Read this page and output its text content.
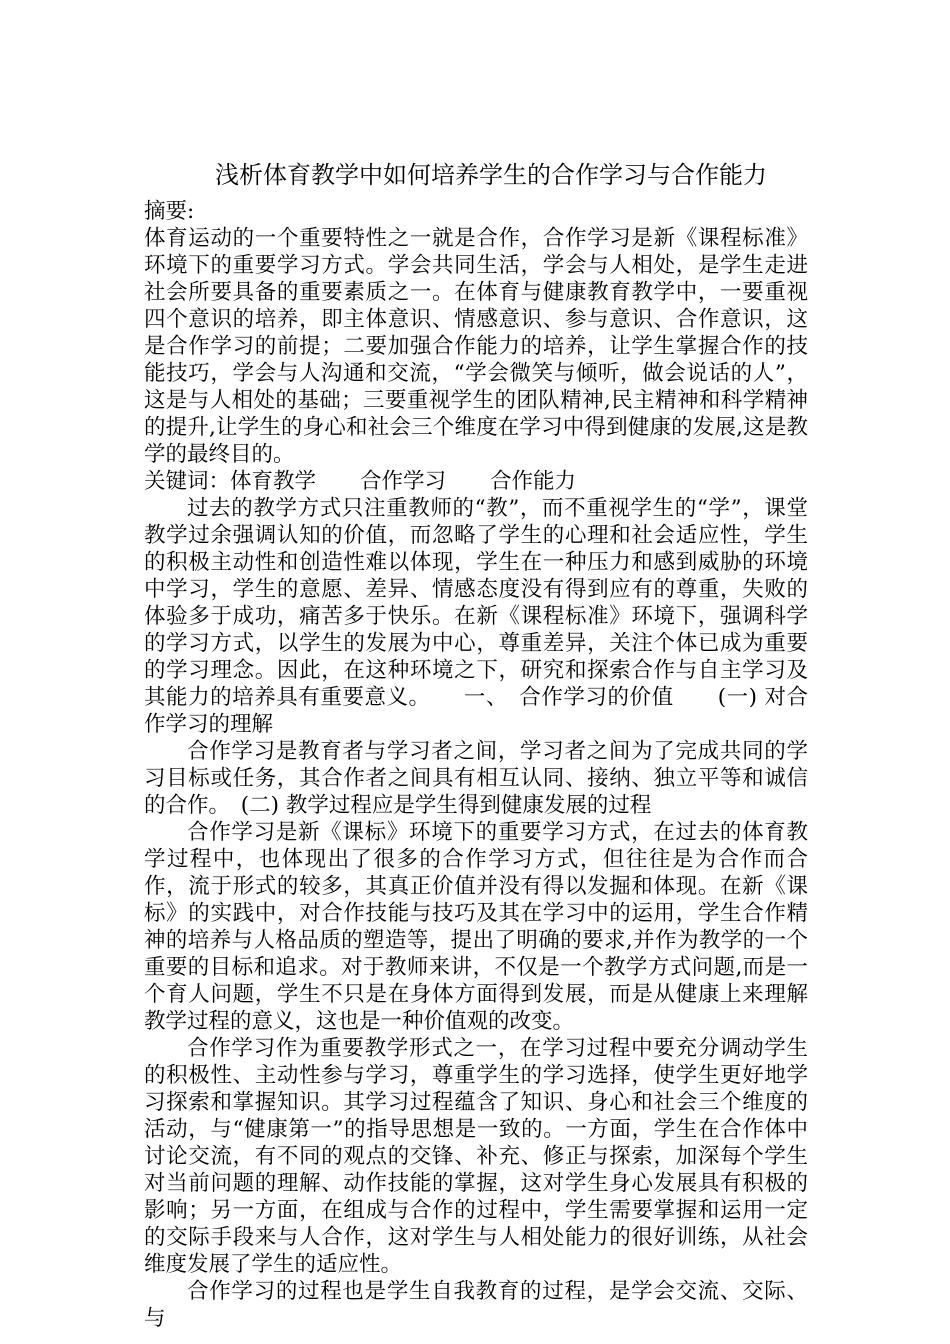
浅析体育教学中如何培养学生的合作学习与合作能力

摘要:

体育运动的一个重要特性之一就是合作，合作学习是新《课程标准》环境下的重要学习方式。学会共同生活，学会与人相处，是学生走进社会所要具备的重要素质之一。在体育与健康教育教学中，一要重视四个意识的培养，即主体意识、情感意识、参与意识、合作意识，这是合作学习的前提；二要加强合作能力的培养，让学生掌握合作的技能技巧，学会与人沟通和交流，“学会微笑与倾听，做会说话的人”，这是与人相处的基础；三要重视学生的团队精神,民主精神和科学精神的提升,让学生的身心和社会三个维度在学习中得到健康的发展,这是教学的最终目的。

关键词：体育教学 合作学习 合作能力

过去的教学方式只注重教师的“教”，而不重视学生的“学”，课堂教学过余强调认知的价值，而忽略了学生的心理和社会适应性，学生的积极主动性和创造性难以体现，学生在一种压力和感到威胁的环境中学习，学生的意愿、差异、情感态度没有得到应有的尊重，失败的体验多于成功，痛苦多于快乐。在新《课程标准》环境下，强调科学的学习方式，以学生的发展为中心，尊重差异，关注个体已成为重要的学习理念。因此，在这种环境之下，研究和探索合作与自主学习及其能力的培养具有重要意义。　　一、　合作学习的价值　　(一) 对合作学习的理解

合作学习是教育者与学习者之间，学习者之间为了完成共同的学习目标或任务，其合作者之间具有相互认同、接纳、独立平等和诚信的合作。　(二) 教学过程应是学生得到健康发展的过程

合作学习是新《课标》环境下的重要学习方式，在过去的体育教学过程中，也体现出了很多的合作学习方式，但往往是为合作而合作，流于形式的较多，其真正价值并没有得以发掘和体现。在新《课标》的实践中，对合作技能与技巧及其在学习中的运用，学生合作精神的培养与人格品质的塑造等，提出了明确的要求,并作为教学的一个重要的目标和追求。对于教师来讲，不仅是一个教学方式问题,而是一个育人问题，学生不只是在身体方面得到发展，而是从健康上来理解教学过程的意义，这也是一种价值观的改变。

合作学习作为重要教学形式之一，在学习过程中要充分调动学生的积极性、主动性参与学习，尊重学生的学习选择，使学生更好地学习探索和掌握知识。其学习过程蕴含了知识、身心和社会三个维度的活动，与“健康第一”的指导思想是一致的。一方面，学生在合作体中讨论交流，有不同的观点的交锋、补充、修正与探索，加深每个学生对当前问题的理解、动作技能的掌握，这对学生身心发展具有积极的影响；另一方面，在组成与合作的过程中，学生需要掌握和运用一定的交际手段来与人合作，这对学生与人相处能力的很好训练，从社会维度发展了学生的适应性。

合作学习的过程也是学生自我教育的过程，是学会交流、交际、与
